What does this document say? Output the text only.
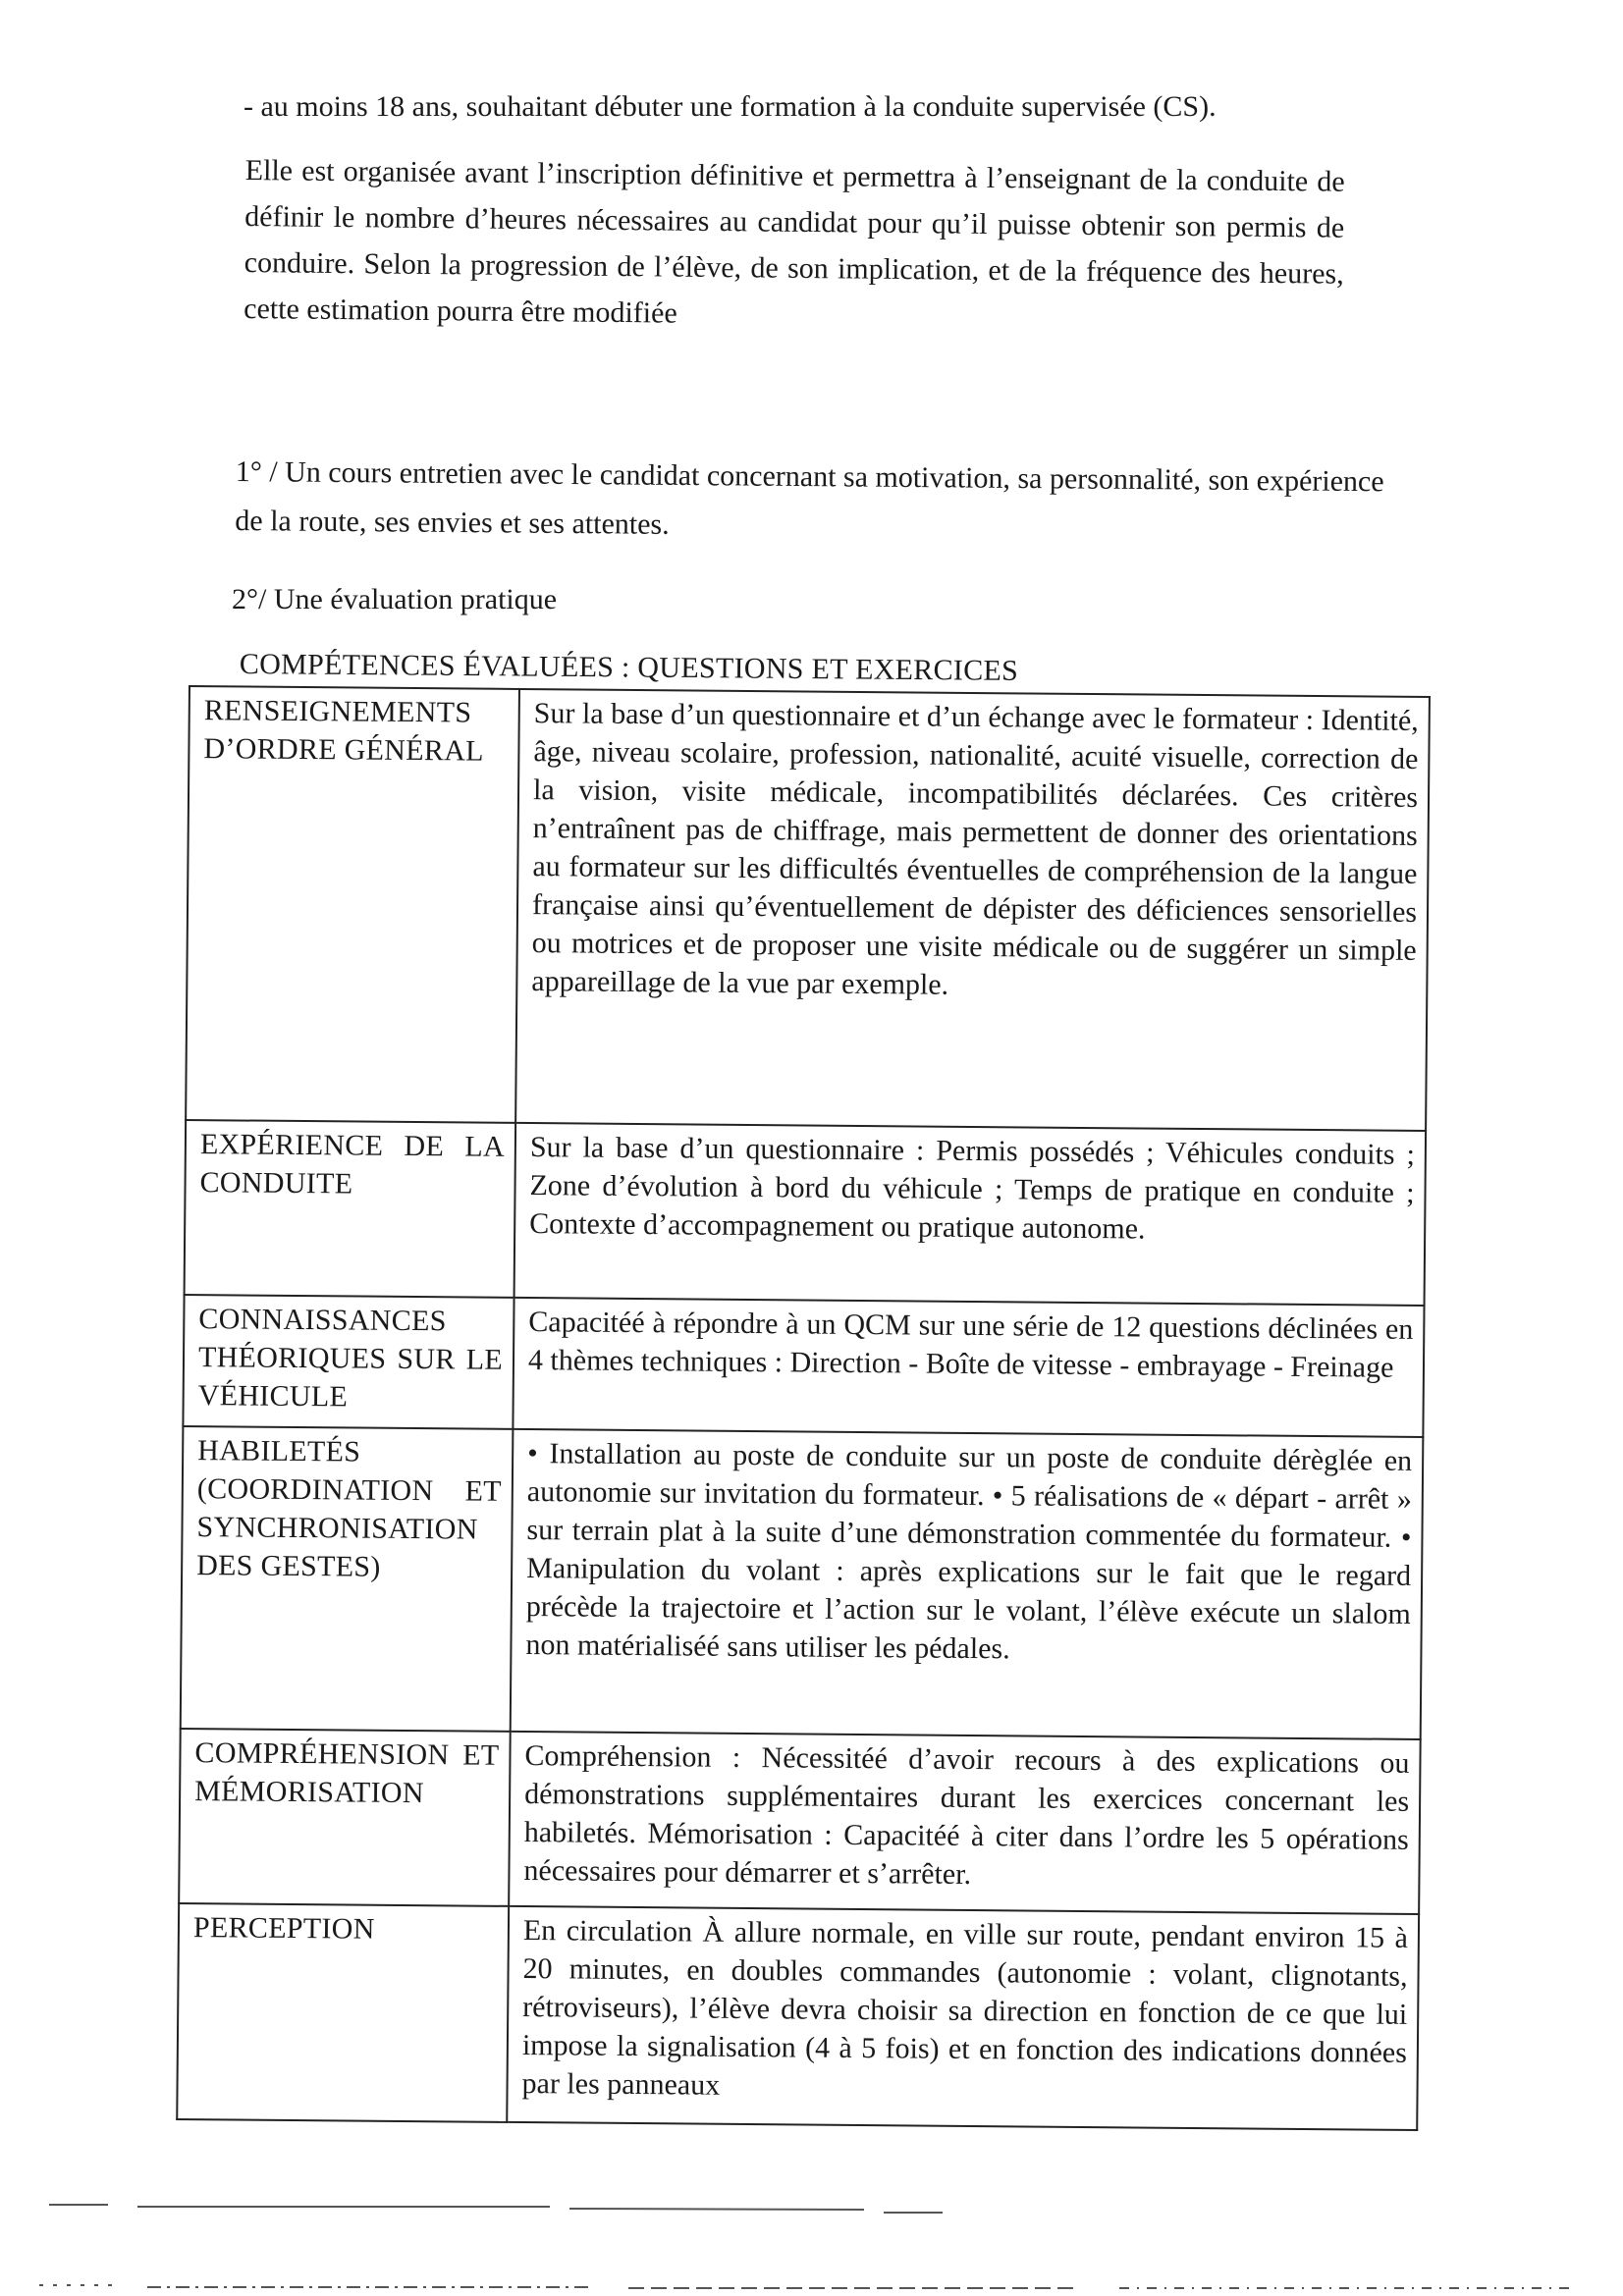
- au moins 18 ans, souhaitant débuter une formation à la conduite supervisée (CS).
Elle est organisée avant l’inscription définitive et permettra à l’enseignant de la conduite de définir le nombre d’heures nécessaires au candidat pour qu’il puisse obtenir son permis de conduire. Selon la progression de l’élève, de son implication, et de la fréquence des heures, cette estimation pourra être modifiée
1° / Un cours entretien avec le candidat concernant sa motivation, sa personnalité, son expérience de la route, ses envies et ses attentes.
2°/ Une évaluation pratique
COMPÉTENCES ÉVALUÉES : QUESTIONS ET EXERCICES
RENSEIGNEMENTS D’ORDRE GÉNÉRAL	Sur la base d’un questionnaire et d’un échange avec le formateur : Identité, âge, niveau scolaire, profession, nationalité, acuité visuelle, correction de la vision, visite médicale, incompatibilités déclarées. Ces critères n’entraînent pas de chiffrage, mais permettent de donner des orientations au formateur sur les difficultés éventuelles de compréhension de la langue française ainsi qu’éventuellement de dépister des déficiences sensorielles ou motrices et de proposer une visite médicale ou de suggérer un simple appareillage de la vue par exemple.
EXPÉRIENCE DE LA CONDUITE	Sur la base d’un questionnaire : Permis possédés ; Véhicules conduits ; Zone d’évolution à bord du véhicule ; Temps de pratique en conduite ; Contexte d’accompagnement ou pratique autonome.
CONNAISSANCES THÉORIQUES SUR LE VÉHICULE	Capacitéé à répondre à un QCM sur une série de 12 questions déclinées en 4 thèmes techniques : Direction - Boîte de vitesse - embrayage - Freinage
HABILETÉS (COORDINATION ET SYNCHRONISATION DES GESTES)	• Installation au poste de conduite sur un poste de conduite dérèglée en autonomie sur invitation du formateur. • 5 réalisations de « départ - arrêt » sur terrain plat à la suite d’une démonstration commentée du formateur. • Manipulation du volant : après explications sur le fait que le regard précède la trajectoire et l’action sur le volant, l’élève exécute un slalom non matérialiséé sans utiliser les pédales.
COMPRÉHENSION ET MÉMORISATION	Compréhension : Nécessitéé d’avoir recours à des explications ou démonstrations supplémentaires durant les exercices concernant les habiletés. Mémorisation : Capacitéé à citer dans l’ordre les 5 opérations nécessaires pour démarrer et s’arrêter.
PERCEPTION	En circulation À allure normale, en ville sur route, pendant environ 15 à 20 minutes, en doubles commandes (autonomie : volant, clignotants, rétroviseurs), l’élève devra choisir sa direction en fonction de ce que lui impose la signalisation (4 à 5 fois) et en fonction des indications données par les panneaux
